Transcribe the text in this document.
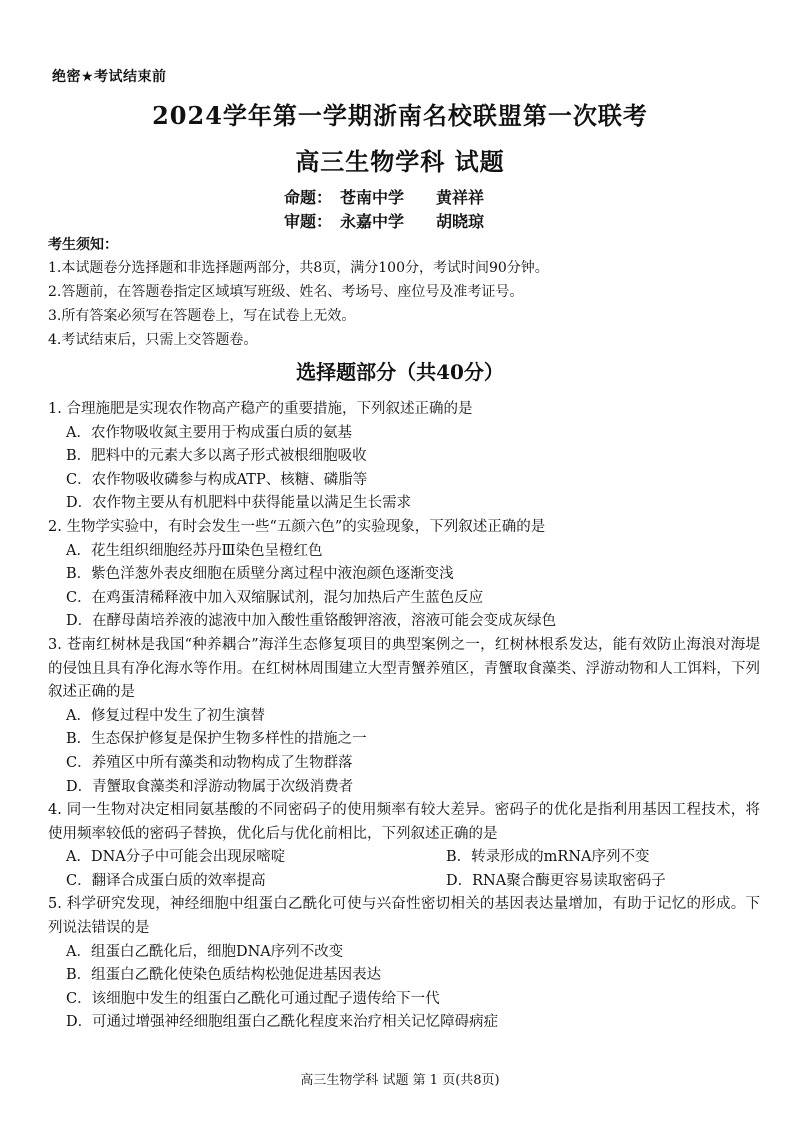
绝密★考试结束前
2024学年第一学期浙南名校联盟第一次联考
高三生物学科 试题
命题： 苍南中学	黄祥祥
审题： 永嘉中学	胡晓琼
考生须知：
1.本试题卷分选择题和非选择题两部分，共8页，满分100分，考试时间90分钟。
2.答题前，在答题卷指定区域填写班级、姓名、考场号、座位号及准考证号。
3.所有答案必须写在答题卷上，写在试卷上无效。
4.考试结束后，只需上交答题卷。
选择题部分（共40分）
1. 合理施肥是实现农作物高产稳产的重要措施，下列叙述正确的是
A．农作物吸收氮主要用于构成蛋白质的氨基
B．肥料中的元素大多以离子形式被根细胞吸收
C．农作物吸收磷参与构成ATP、核糖、磷脂等
D．农作物主要从有机肥料中获得能量以满足生长需求
2. 生物学实验中，有时会发生一些“五颜六色”的实验现象，下列叙述正确的是
A．花生组织细胞经苏丹Ⅲ染色呈橙红色
B．紫色洋葱外表皮细胞在质壁分离过程中液泡颜色逐渐变浅
C．在鸡蛋清稀释液中加入双缩脲试剂，混匀加热后产生蓝色反应
D．在酵母菌培养液的滤液中加入酸性重铬酸钾溶液，溶液可能会变成灰绿色
3. 苍南红树林是我国“种养耦合”海洋生态修复项目的典型案例之一，红树林根系发达，能有效防止海浪对海堤的侵蚀且具有净化海水等作用。在红树林周围建立大型青蟹养殖区，青蟹取食藻类、浮游动物和人工饵料，下列叙述正确的是
A．修复过程中发生了初生演替
B．生态保护修复是保护生物多样性的措施之一
C．养殖区中所有藻类和动物构成了生物群落
D．青蟹取食藻类和浮游动物属于次级消费者
4. 同一生物对决定相同氨基酸的不同密码子的使用频率有较大差异。密码子的优化是指利用基因工程技术，将使用频率较低的密码子替换，优化后与优化前相比，下列叙述正确的是
A．DNA分子中可能会出现尿嘧啶	B．转录形成的mRNA序列不变
C．翻译合成蛋白质的效率提高	D．RNA聚合酶更容易读取密码子
5. 科学研究发现，神经细胞中组蛋白乙酰化可使与兴奋性密切相关的基因表达量增加，有助于记忆的形成。下列说法错误的是
A．组蛋白乙酰化后，细胞DNA序列不改变
B．组蛋白乙酰化使染色质结构松弛促进基因表达
C．该细胞中发生的组蛋白乙酰化可通过配子遗传给下一代
D．可通过增强神经细胞组蛋白乙酰化程度来治疗相关记忆障碍病症
高三生物学科 试题 第 1 页(共8页)
